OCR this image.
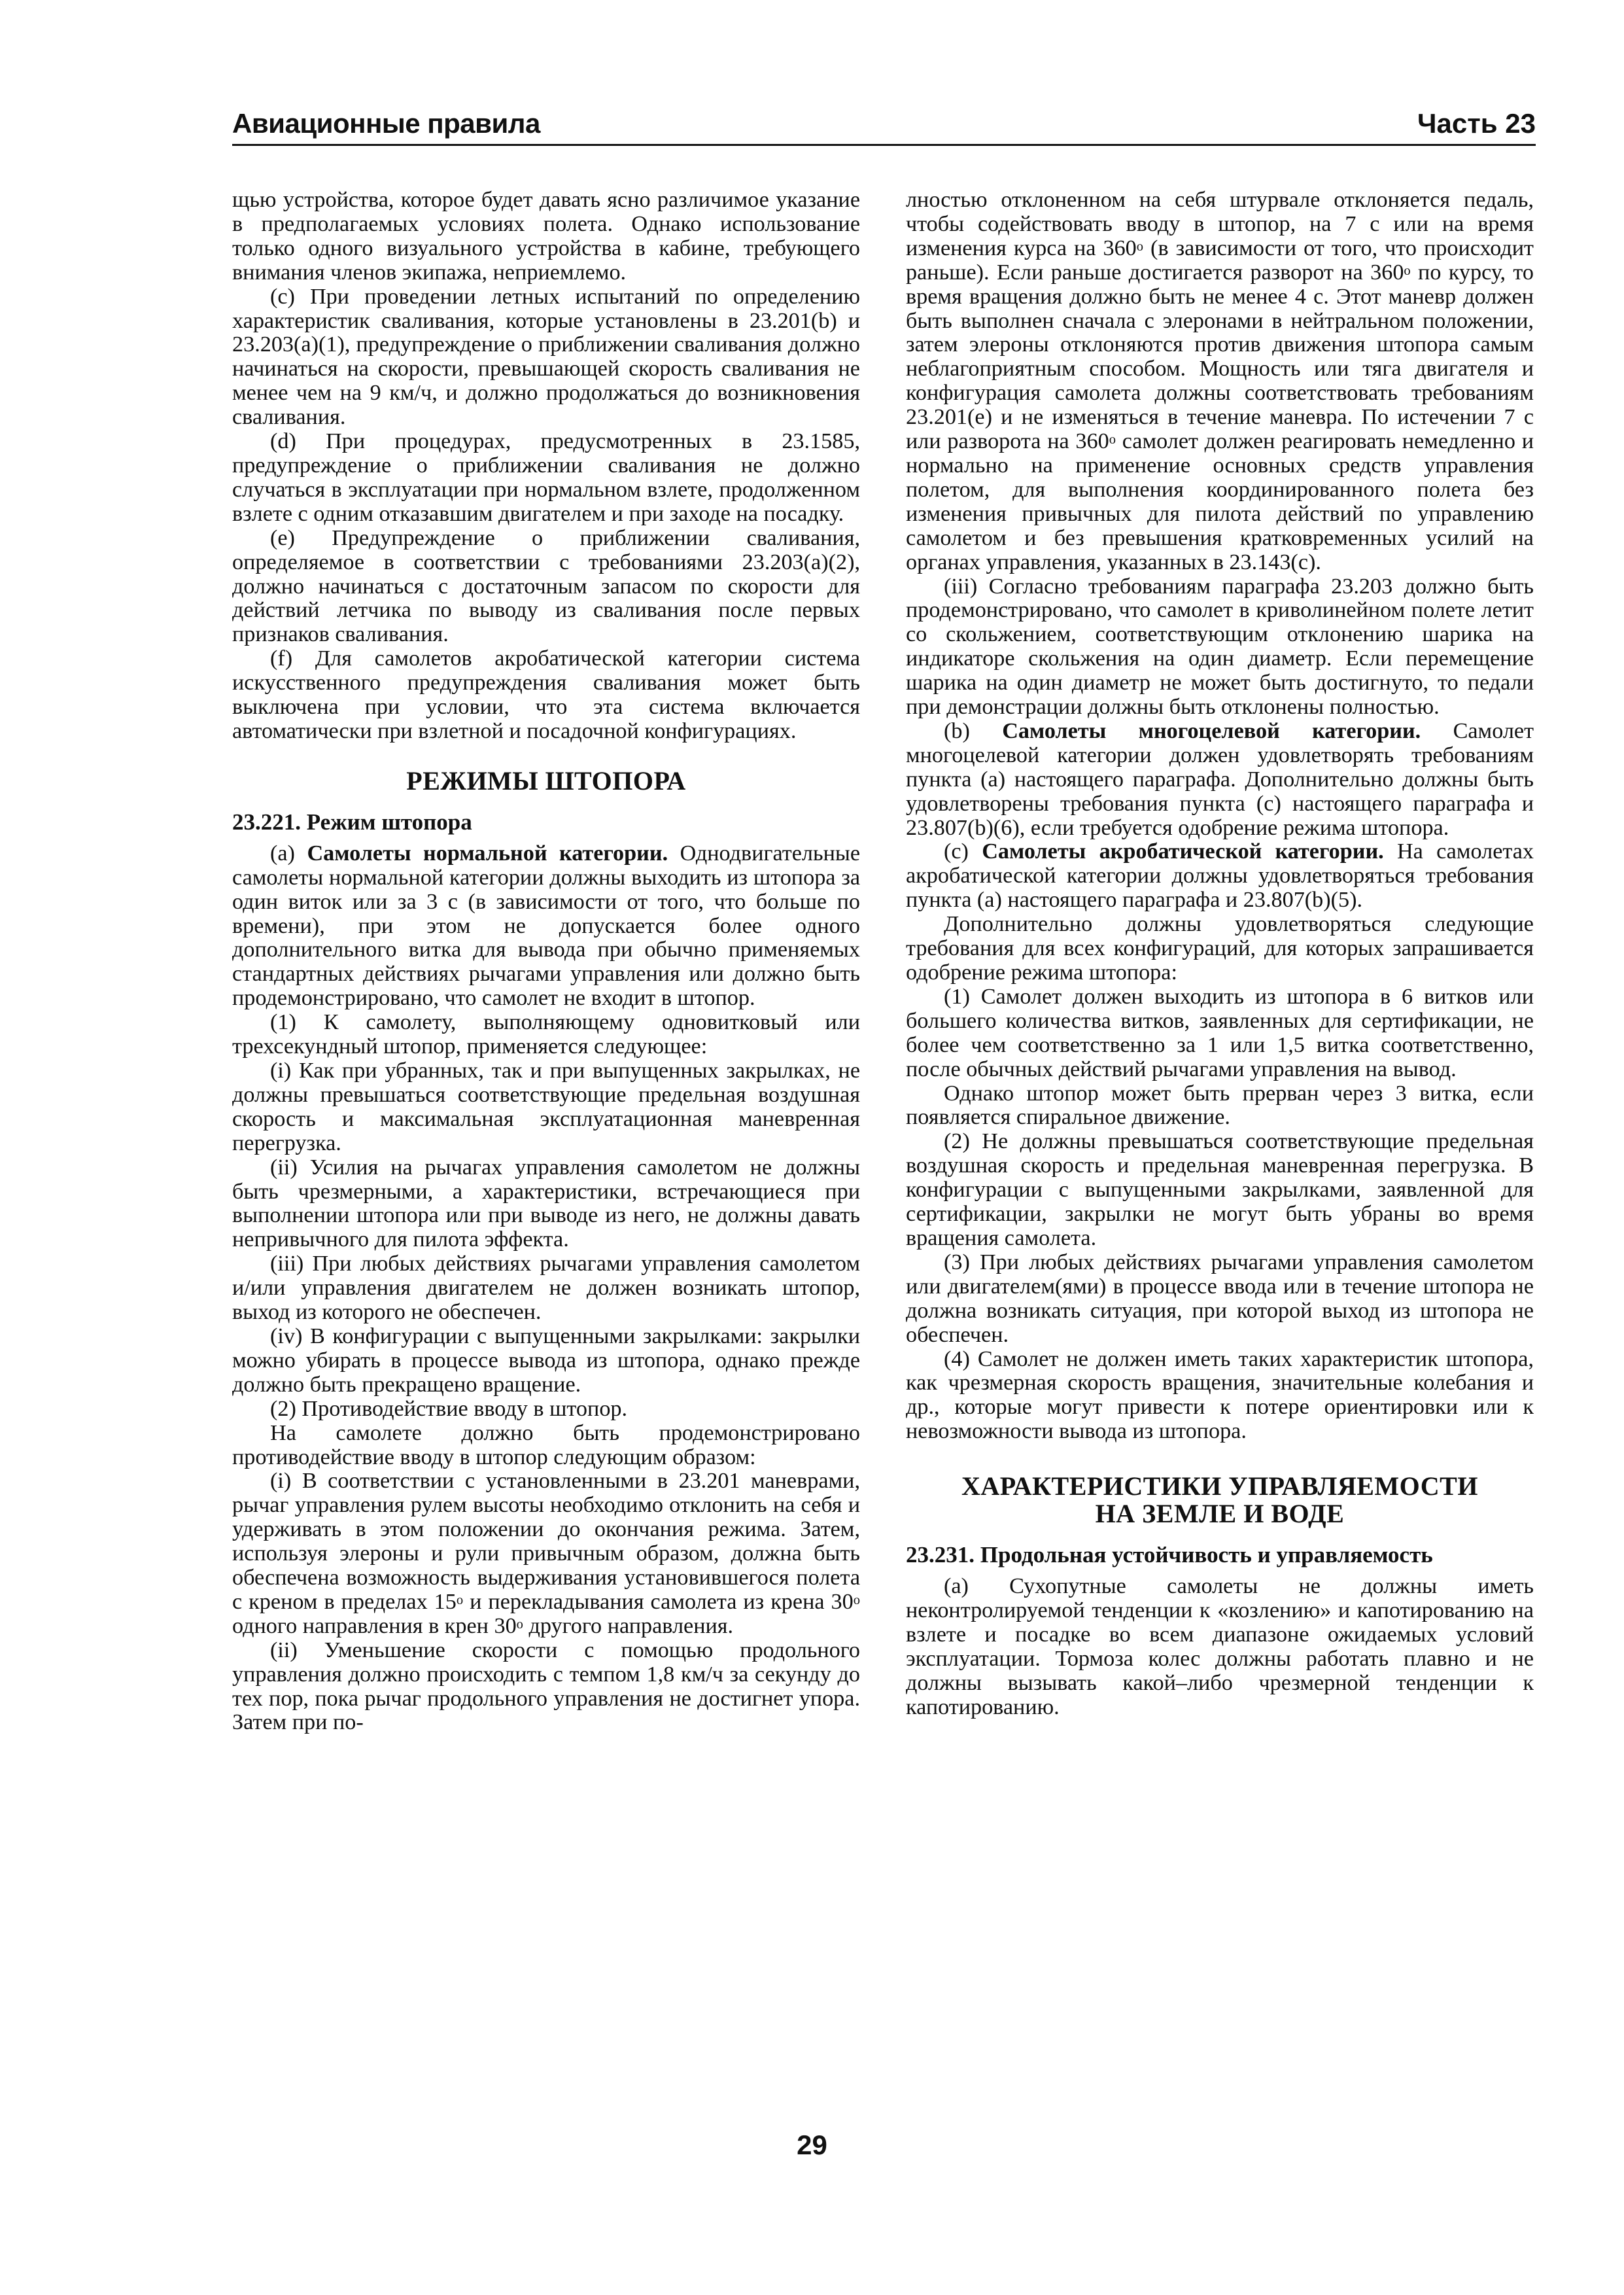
Авиационные правила	Часть 23

щью устройства, которое будет давать ясно различимое указание в предполагаемых условиях полета. Однако использование только одного визуального устройства в кабине, требующего внимания членов экипажа, неприемлемо.

(c) При проведении летных испытаний по определению характеристик сваливания, которые установлены в 23.201(b) и 23.203(a)(1), предупреждение о приближении сваливания должно начинаться на скорости, превышающей скорость сваливания не менее чем на 9 км/ч, и должно продолжаться до возникновения сваливания.

(d) При процедурах, предусмотренных в 23.1585, предупреждение о приближении сваливания не должно случаться в эксплуатации при нормальном взлете, продолженном взлете с одним отказавшим двигателем и при заходе на посадку.

(e) Предупреждение о приближении сваливания, определяемое в соответствии с требованиями 23.203(a)(2), должно начинаться с достаточным запасом по скорости для действий летчика по выводу из сваливания после первых признаков сваливания.

(f) Для самолетов акробатической категории система искусственного предупреждения сваливания может быть выключена при условии, что эта система включается автоматически при взлетной и посадочной конфигурациях.

РЕЖИМЫ ШТОПОРА
23.221. Режим штопора

(a) Самолеты нормальной категории. Однодвигательные самолеты нормальной категории должны выходить из штопора за один виток или за 3 с (в зависимости от того, что больше по времени), при этом не допускается более одного дополнительного витка для вывода при обычно применяемых стандартных действиях рычагами управления или должно быть продемонстрировано, что самолет не входит в штопор.

(1) К самолету, выполняющему одновитковый или трехсекундный штопор, применяется следующее:

(i) Как при убранных, так и при выпущенных закрылках, не должны превышаться соответствующие предельная воздушная скорость и максимальная эксплуатационная маневренная перегрузка.

(ii) Усилия на рычагах управления самолетом не должны быть чрезмерными, а характеристики, встречающиеся при выполнении штопора или при выводе из него, не должны давать непривычного для пилота эффекта.

(iii) При любых действиях рычагами управления самолетом и/или управления двигателем не должен возникать штопор, выход из которого не обеспечен.

(iv) В конфигурации с выпущенными закрылками: закрылки можно убирать в процессе вывода из штопора, однако прежде должно быть прекращено вращение.

(2) Противодействие вводу в штопор.

На самолете должно быть продемонстрировано противодействие вводу в штопор следующим образом:

(i) В соответствии с установленными в 23.201 маневрами, рычаг управления рулем высоты необходимо отклонить на себя и удерживать в этом положении до окончания режима. Затем, используя элероны и рули привычным образом, должна быть обеспечена возможность выдерживания установившегося полета с креном в пределах 15$^o$ и перекладывания самолета из крена 30$^o$ одного направления в крен 30$^o$ другого направления.

(ii) Уменьшение скорости с помощью продольного управления должно происходить с темпом 1,8 км/ч за секунду до тех пор, пока рычаг продольного управления не достигнет упора. Затем при по-

лностью отклоненном на себя штурвале отклоняется педаль, чтобы содействовать вводу в штопор, на 7 с или на время изменения курса на 360$^o$ (в зависимости от того, что происходит раньше). Если раньше достигается разворот на 360$^o$ по курсу, то время вращения должно быть не менее 4 с. Этот маневр должен быть выполнен сначала с элеронами в нейтральном положении, затем элероны отклоняются против движения штопора самым неблагоприятным способом. Мощность или тяга двигателя и конфигурация самолета должны соответствовать требованиям 23.201(e) и не изменяться в течение маневра. По истечении 7 с или разворота на 360$^o$ самолет должен реагировать немедленно и нормально на применение основных средств управления полетом, для выполнения координированного полета без изменения привычных для пилота действий по управлению самолетом и без превышения кратковременных усилий на органах управления, указанных в 23.143(c).

(iii) Согласно требованиям параграфа 23.203 должно быть продемонстрировано, что самолет в криволинейном полете летит со скольжением, соответствующим отклонению шарика на индикаторе скольжения на один диаметр. Если перемещение шарика на один диаметр не может быть достигнуто, то педали при демонстрации должны быть отклонены полностью.

(b) Самолеты многоцелевой категории. Самолет многоцелевой категории должен удовлетворять требованиям пункта (a) настоящего параграфа. Дополнительно должны быть удовлетворены требования пункта (c) настоящего параграфа и 23.807(b)(6), если требуется одобрение режима штопора.

(c) Самолеты акробатической категории. На самолетах акробатической категории должны удовлетворяться требования пункта (a) настоящего параграфа и 23.807(b)(5).

Дополнительно должны удовлетворяться следующие требования для всех конфигураций, для которых запрашивается одобрение режима штопора:

(1) Самолет должен выходить из штопора в 6 витков или большего количества витков, заявленных для сертификации, не более чем соответственно за 1 или 1,5 витка соответственно, после обычных действий рычагами управления на вывод.

Однако штопор может быть прерван через 3 витка, если появляется спиральное движение.

(2) Не должны превышаться соответствующие предельная воздушная скорость и предельная маневренная перегрузка. В конфигурации с выпущенными закрылками, заявленной для сертификации, закрылки не могут быть убраны во время вращения самолета.

(3) При любых действиях рычагами управления самолетом или двигателем(ями) в процессе ввода или в течение штопора не должна возникать ситуация, при которой выход из штопора не обеспечен.

(4) Самолет не должен иметь таких характеристик штопора, как чрезмерная скорость вращения, значительные колебания и др., которые могут привести к потере ориентировки или к невозможности вывода из штопора.

ХАРАКТЕРИСТИКИ УПРАВЛЯЕМОСТИ
НА ЗЕМЛЕ И ВОДЕ
23.231. Продольная устойчивость и управляемость

(a) Сухопутные самолеты не должны иметь неконтролируемой тенденции к «козлению» и капотированию на взлете и посадке во всем диапазоне ожидаемых условий эксплуатации. Тормоза колес должны работать плавно и не должны вызывать какой–либо чрезмерной тенденции к капотированию.

29
